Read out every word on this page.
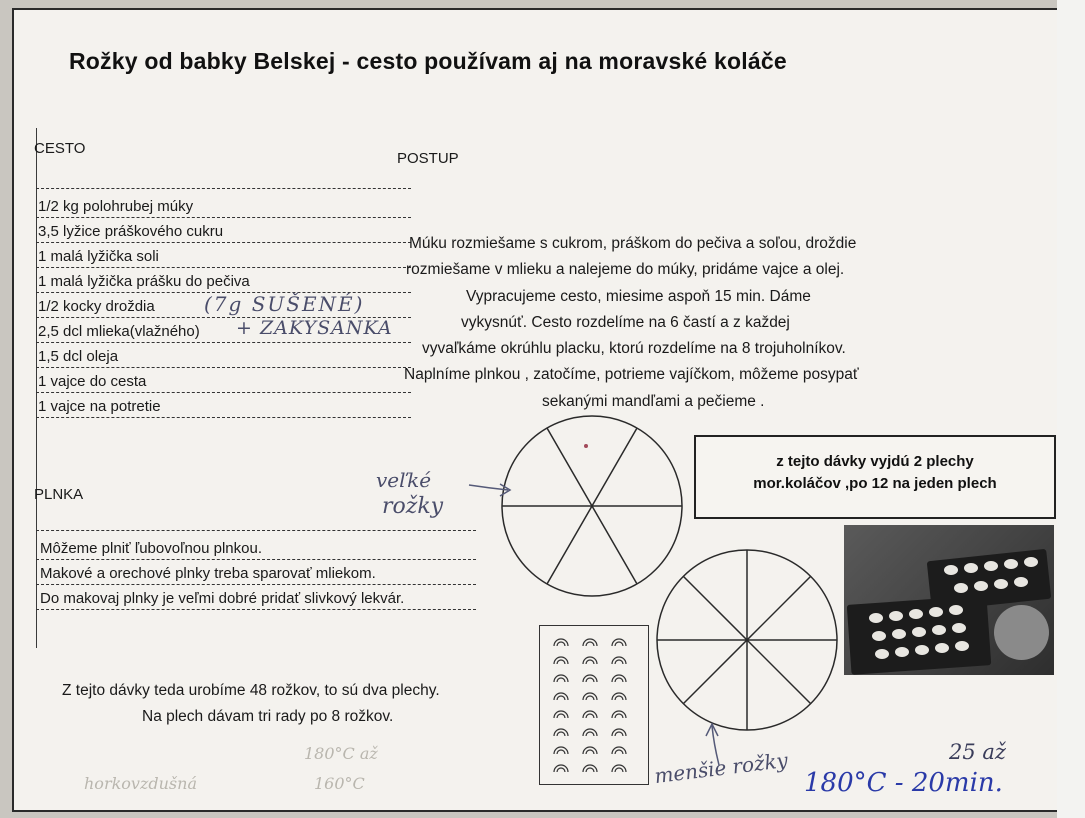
Rožky od babky Belskej - cesto používam aj na moravské koláče
CESTO
1/2 kg polohrubej múky
3,5 lyžice práškového cukru
1 malá lyžička soli
1 malá lyžička prášku do pečiva
1/2 kocky droždia
2,5 dcl mlieka(vlažného)
1,5 dcl oleja
1 vajce do cesta
1 vajce na potretie
(7g SUŠENÉ)
+ ZAKYSANKA
PLNKA
Môžeme plniť ľubovoľnou plnkou.
Makové a orechové plnky treba sparovať mliekom.
Do makovaj plnky je veľmi dobré pridať slivkový lekvár.
POSTUP
Múku rozmiešame s cukrom, práškom do pečiva a soľou, droždie
rozmiešame v mlieku a nalejeme do múky, pridáme vajce a olej.
Vypracujeme cesto, miesime aspoň 15 min. Dáme
vykysnúť. Cesto rozdelíme na 6 častí a z každej
vyvaľkáme okrúhlu placku, ktorú rozdelíme na 8 trojuholníkov.
Naplníme plnkou , zatočíme, potrieme vajíčkom, môžeme posypať
sekanými mandľami a pečieme .
z tejto dávky vyjdú 2 plechy
mor.koláčov ,po 12 na jeden plech
veľké
rožky
menšie rožky
Z tejto dávky teda urobíme 48 rožkov, to sú dva plechy.
Na plech dávam tri rady po 8 rožkov.
180°C až
160°C
horkovzdušná
25 až
180°C - 20min.
